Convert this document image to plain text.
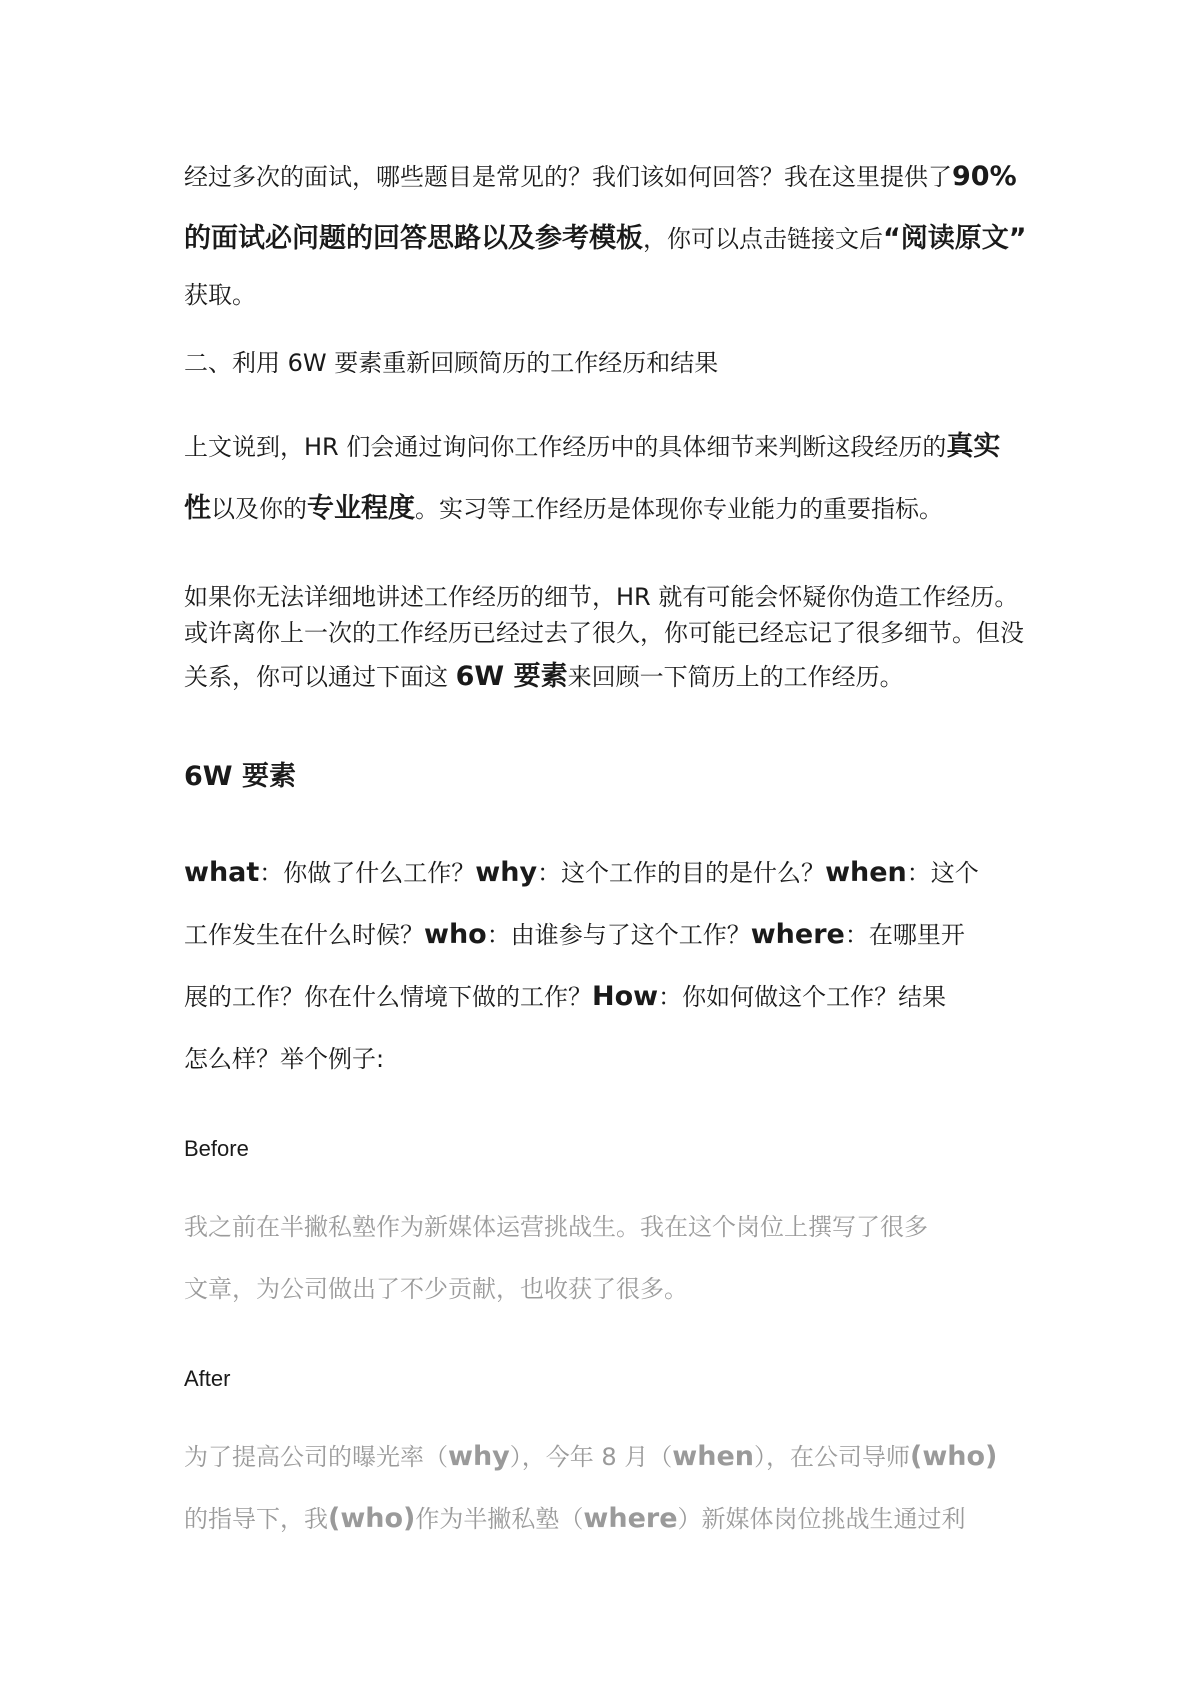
经过多次的面试，哪些题目是常见的？我们该如何回答？我在这里提供了90%
的面试必问题的回答思路以及参考模板，你可以点击链接文后“阅读原文”
获取。
二、利用 6W 要素重新回顾简历的工作经历和结果
上文说到，HR 们会通过询问你工作经历中的具体细节来判断这段经历的真实
性以及你的专业程度。实习等工作经历是体现你专业能力的重要指标。
如果你无法详细地讲述工作经历的细节，HR 就有可能会怀疑你伪造工作经历。
或许离你上一次的工作经历已经过去了很久，你可能已经忘记了很多细节。但没
关系，你可以通过下面这 6W 要素来回顾一下简历上的工作经历。
6W 要素
what：你做了什么工作？why：这个工作的目的是什么？when：这个
工作发生在什么时候？who：由谁参与了这个工作？where：在哪里开
展的工作？你在什么情境下做的工作？How：你如何做这个工作？结果
怎么样？举个例子:
Before
我之前在半撇私塾作为新媒体运营挑战生。我在这个岗位上撰写了很多
文章，为公司做出了不少贡献，也收获了很多。
After
为了提高公司的曝光率（why），今年 8 月（when），在公司导师(who)
的指导下，我(who)作为半撇私塾（where）新媒体岗位挑战生通过利
